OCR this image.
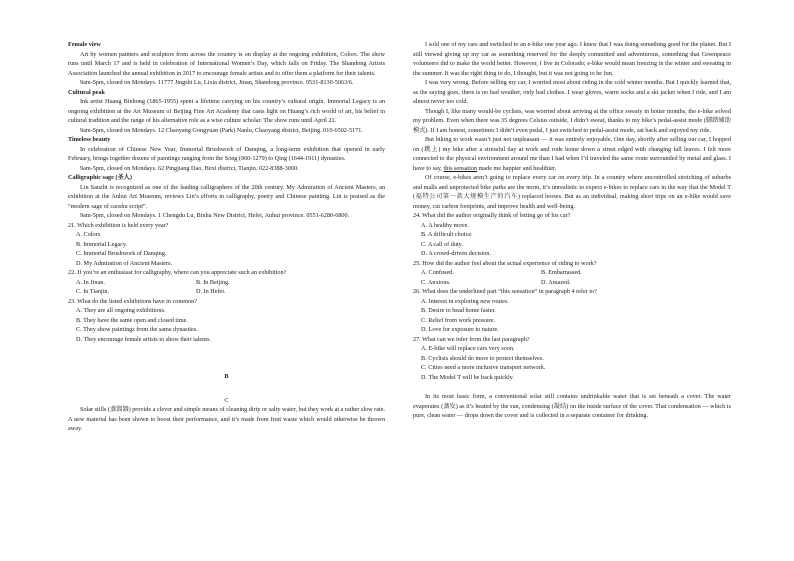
Female view

Art by women painters and sculptors from across the country is on display at the ongoing exhibition, Colors. The show runs until March 17 and is held in celebration of International Women’s Day, which falls on Friday. The Shandong Artists Association launched the annual exhibition in 2017 to encourage female artists and to offer them a platform for their talents.

9am-5pm, closed on Mondays. 11777 Jingshi Lu, Lixia district, Jinan, Shandong province. 0531-8130-5063/6.

Cultural peak

Ink artist Huang Binhong (1865-1955) spent a lifetime carrying on his country’s cultural origin. Immortal Legacy is an ongoing exhibition at the Art Museum of Beijing Fine Art Academy that casts light on Huang’s rich world of art, his belief in cultural tradition and the range of his alternative role as a wise culture scholar. The show runs until April 21.

9am-5pm, closed on Mondays. 12 Chaoyang Gongyuan (Park) Nanlu, Chaoyang district, Beijing. 010-6502-5171.

Timeless beauty

In celebration of Chinese New Year, Immortal Brushwork of Danqing, a long-term exhibition that opened in early February, brings together dozens of paintings ranging from the Song (960-1279) to Qing (1644-1911) dynasties.

9am-5pm, closed on Mondays. 62 Pingjiang Dao, Hexi district, Tianjin. 022-8388-3000.

Calligraphic sage (圣人)

Lin Sanzhi is recognized as one of the leading calligraphers of the 20th century. My Admiration of Ancient Masters, an exhibition at the Anhui Art Museum, reviews Lin’s efforts in calligraphy, poetry and Chinese painting. Lin is praised as the “modern sage of caoshu script”.

9am-5pm, closed on Mondays. 1 Chengdu Lu, Binhu New District, Hefei, Anhui province. 0551-6280-6800.

21. Which exhibition is held every year?

A. Colors.

B. Immortal Legacy.

C. Immortal Brushwork of Danqing.

D. My Admiration of Ancient Masters.

22. If you’re an enthusiast for calligraphy, where can you appreciate such an exhibition?

A. In Jinan.	B. In Beijing.
C. In Tianjin.	D. In Hefei.

23. What do the listed exhibitions have in common?

A. They are all ongoing exhibitions.

B. They have the same open and closed time.

C. They show paintings from the same dynasties.

D. They encourage female artists to show their talents.

B

C

Solar stills (蒸馏器) provide a clever and simple means of cleaning dirty or salty water, but they work at a rather slow rate. A new material has been shown to boost their performance, and it’s made from fruit waste which would otherwise be thrown away.

I sold one of my cars and switched to an e-bike one year ago. I knew that I was doing something good for the planet. But I still viewed giving up my car as something reserved for the deeply committed and adventurous, something that Greenpeace volunteers did to make the world better. However, I live in Colorado; e-bike would mean freezing in the winter and sweating in the summer. It was the right thing to do, I thought, but it was not going to be fun.

I was very wrong. Before selling my car, I worried most about riding in the cold winter months. But I quickly learned that, as the saying goes, there is no bad weather, only bad clothes. I wear gloves, warm socks and a ski jacket when I ride, and I am almost never too cold.

Though I, like many would-be cyclists, was worried about arriving at the office sweaty in hotter months, the e-bike solved my problem. Even when there was 35 degrees Celsius outside, I didn’t sweat, thanks to my bike’s pedal-assist mode (脚踏辅助模式). If I am honest, sometimes I didn’t even pedal, I just switched to pedal-assist mode, sat back and enjoyed my ride.

But biking to work wasn’t just not unpleasant — it was entirely enjoyable. One day, shortly after selling our car, I hopped on (跳上) my bike after a stressful day at work and rode home down a street edged with changing fall leaves. I felt more connected to the physical environment around me than I had when I’d traveled the same route surrounded by metal and glass. I have to say, this sensation made me happier and healthier.

Of course, e-bikes aren’t going to replace every car on every trip. In a country where uncontrolled stretching of suburbs and malls and unprotected bike paths are the norm, it’s unrealistic to expect e-bikes to replace cars in the way that the Model T (福特公司第一款大规模生产的汽车) replaced horses. But as an individual, making short trips on an e-bike would save money, cut carbon footprints, and improve health and well-being.

24. What did the author originally think of letting go of his car?

A. A healthy move.

B. A difficult choice.

C. A call of duty.

D. A crowd-driven decision.

25. How did the author feel about the actual experience of riding to work?

A. Confused.	B. Embarrassed.
C. Anxious.	D. Amazed.

26. What does the underlined part “this sensation” in paragraph 4 refer to?

A. Interest in exploring new routes.

B. Desire to head home faster.

C. Relief from work pressure.

D. Love for exposure to nature.

27. What can we infer from the last paragraph?

A. E-bike will replace cars very soon.

B. Cyclists should do more to protect themselves.

C. Cities need a more inclusive transport network.

D. The Model T will be back quickly.

In its most basic form, a conventional solar still contains undrinkable water that is set beneath a cover. The water evaporates (蒸发) as it’s heated by the sun, condensing (凝结) on the inside surface of the cover. That condensation — which is pure, clean water — drops down the cover and is collected in a separate container for drinking.
